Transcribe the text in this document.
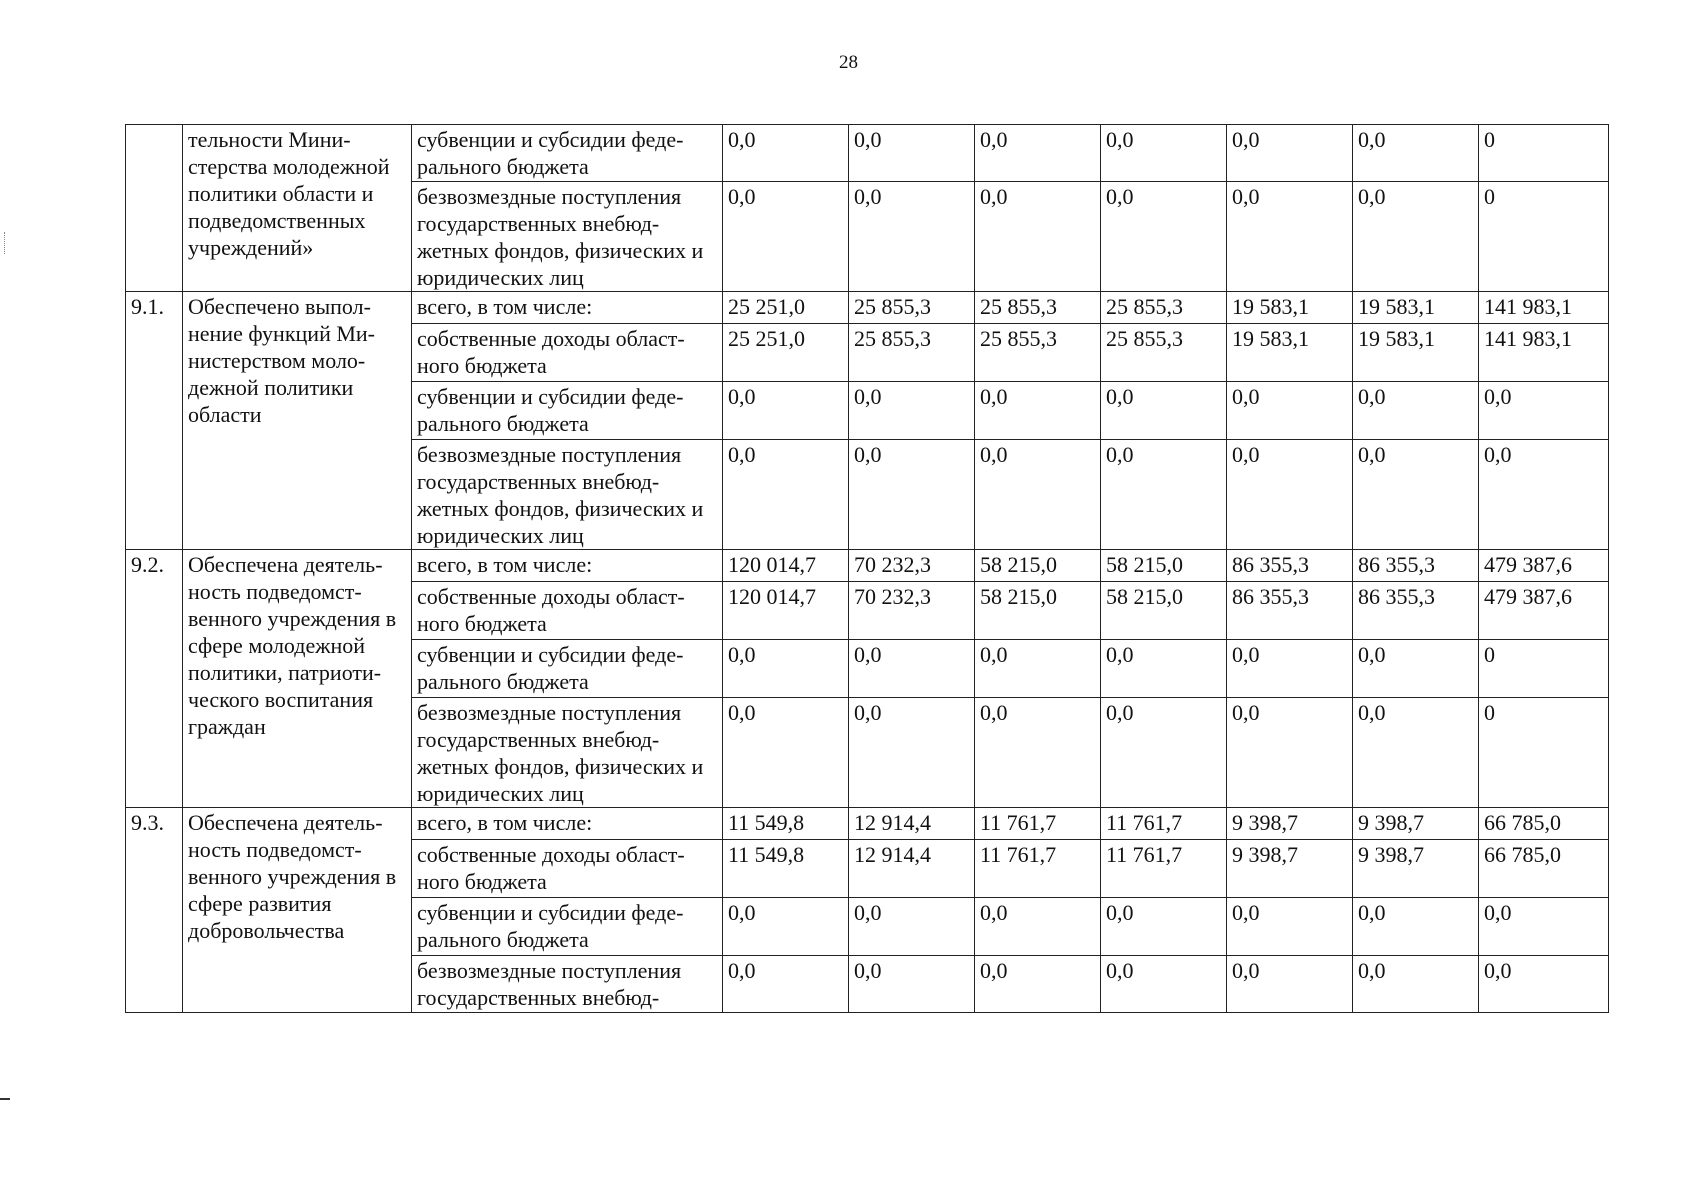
28
	тельности Мини-стерства молодежной политики области и подведомственных учреждений»	субвенции и субсидии феде-рального бюджета	0,0	0,0	0,0	0,0	0,0	0,0	0
		безвозмездные поступления государственных внебюд-жетных фондов, физических и юридических лиц	0,0	0,0	0,0	0,0	0,0	0,0	0
9.1.	Обеспечено выпол-нение функций Ми-нистерством моло-дежной политики области	всего, в том числе:	25 251,0	25 855,3	25 855,3	25 855,3	19 583,1	19 583,1	141 983,1
		собственные доходы област-ного бюджета	25 251,0	25 855,3	25 855,3	25 855,3	19 583,1	19 583,1	141 983,1
		субвенции и субсидии феде-рального бюджета	0,0	0,0	0,0	0,0	0,0	0,0	0,0
		безвозмездные поступления государственных внебюд-жетных фондов, физических и юридических лиц	0,0	0,0	0,0	0,0	0,0	0,0	0,0
9.2.	Обеспечена деятель-ность подведомст-венного учреждения в сфере молодежной политики, патриоти-ческого воспитания граждан	всего, в том числе:	120 014,7	70 232,3	58 215,0	58 215,0	86 355,3	86 355,3	479 387,6
		собственные доходы област-ного бюджета	120 014,7	70 232,3	58 215,0	58 215,0	86 355,3	86 355,3	479 387,6
		субвенции и субсидии феде-рального бюджета	0,0	0,0	0,0	0,0	0,0	0,0	0
		безвозмездные поступления государственных внебюд-жетных фондов, физических и юридических лиц	0,0	0,0	0,0	0,0	0,0	0,0	0
9.3.	Обеспечена деятель-ность подведомст-венного учреждения в сфере развития добровольчества	всего, в том числе:	11 549,8	12 914,4	11 761,7	11 761,7	9 398,7	9 398,7	66 785,0
		собственные доходы област-ного бюджета	11 549,8	12 914,4	11 761,7	11 761,7	9 398,7	9 398,7	66 785,0
		субвенции и субсидии феде-рального бюджета	0,0	0,0	0,0	0,0	0,0	0,0	0,0
		безвозмездные поступления государственных внебюд-	0,0	0,0	0,0	0,0	0,0	0,0	0,0
